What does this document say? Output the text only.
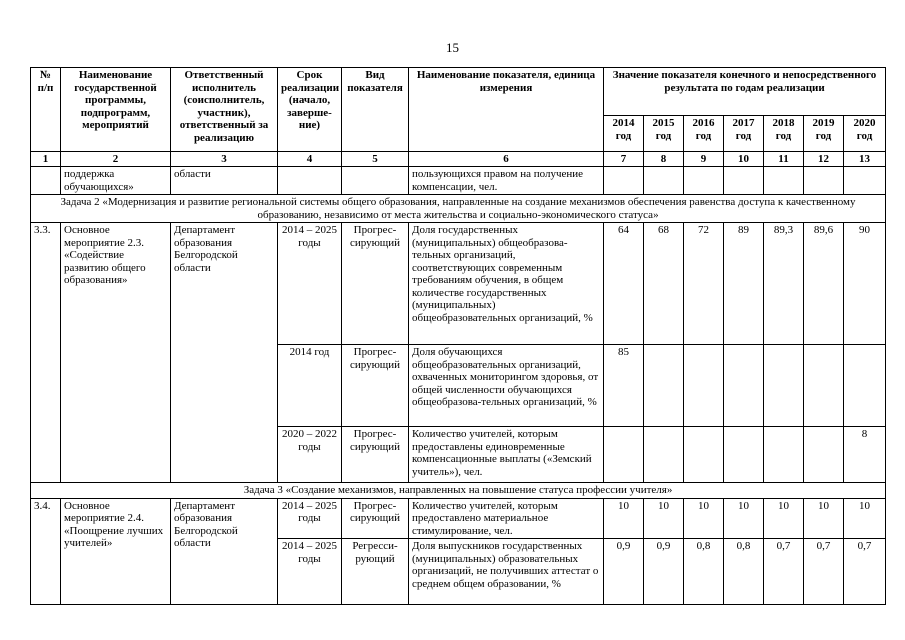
15
№ п/п	Наименование государственной программы, подпрограмм, мероприятий	Ответственный исполнитель (соисполнитель, участник), ответственный за реализацию	Срок реализации (начало, заверше-ние)	Вид показателя	Наименование показателя, единица измерения	Значение показателя конечного и непосредственного результата по годам реализации						
						2014 год	2015 год	2016 год	2017 год	2018 год	2019 год	2020 год
1	2	3	4	5	6	7	8	9	10	11	12	13
	поддержка обучающихся»	области			пользующихся правом на получение компенсации, чел.							
Задача 2 «Модернизация и развитие региональной системы общего образования, направленные на создание механизмов обеспечения равенства доступа к качественному образованию, независимо от места жительства и социально-экономического статуса»												
3.3.	Основное мероприятие 2.3. «Содействие развитию общего образования»	Департамент образования Белгородской области	2014 – 2025 годы	Прогрес-сирующий	Доля государственных (муниципальных) общеобразова-тельных организаций, соответствующих современным требованиям обучения, в общем количестве государственных (муниципальных) общеобразовательных организаций, %	64	68	72	89	89,3	89,6	90
			2014 год	Прогрес-сирующий	Доля обучающихся общеобразовательных организаций, охваченных мониторингом здоровья, от общей численности обучающихся общеобразова-тельных организаций, %	85						
			2020 – 2022 годы	Прогрес-сирующий	Количество учителей, которым предоставлены единовременные компенсационные выплаты («Земский учитель»), чел.							8
Задача 3 «Создание механизмов, направленных на повышение статуса профессии учителя»												
3.4.	Основное мероприятие 2.4. «Поощрение лучших учителей»	Департамент образования Белгородской области	2014 – 2025 годы	Прогрес-сирующий	Количество учителей, которым предоставлено материальное стимулирование, чел.	10	10	10	10	10	10	10
			2014 – 2025 годы	Регресси-рующий	Доля выпускников государственных (муниципальных) образовательных организаций, не получивших аттестат о среднем общем образовании, %	0,9	0,9	0,8	0,8	0,7	0,7	0,7
